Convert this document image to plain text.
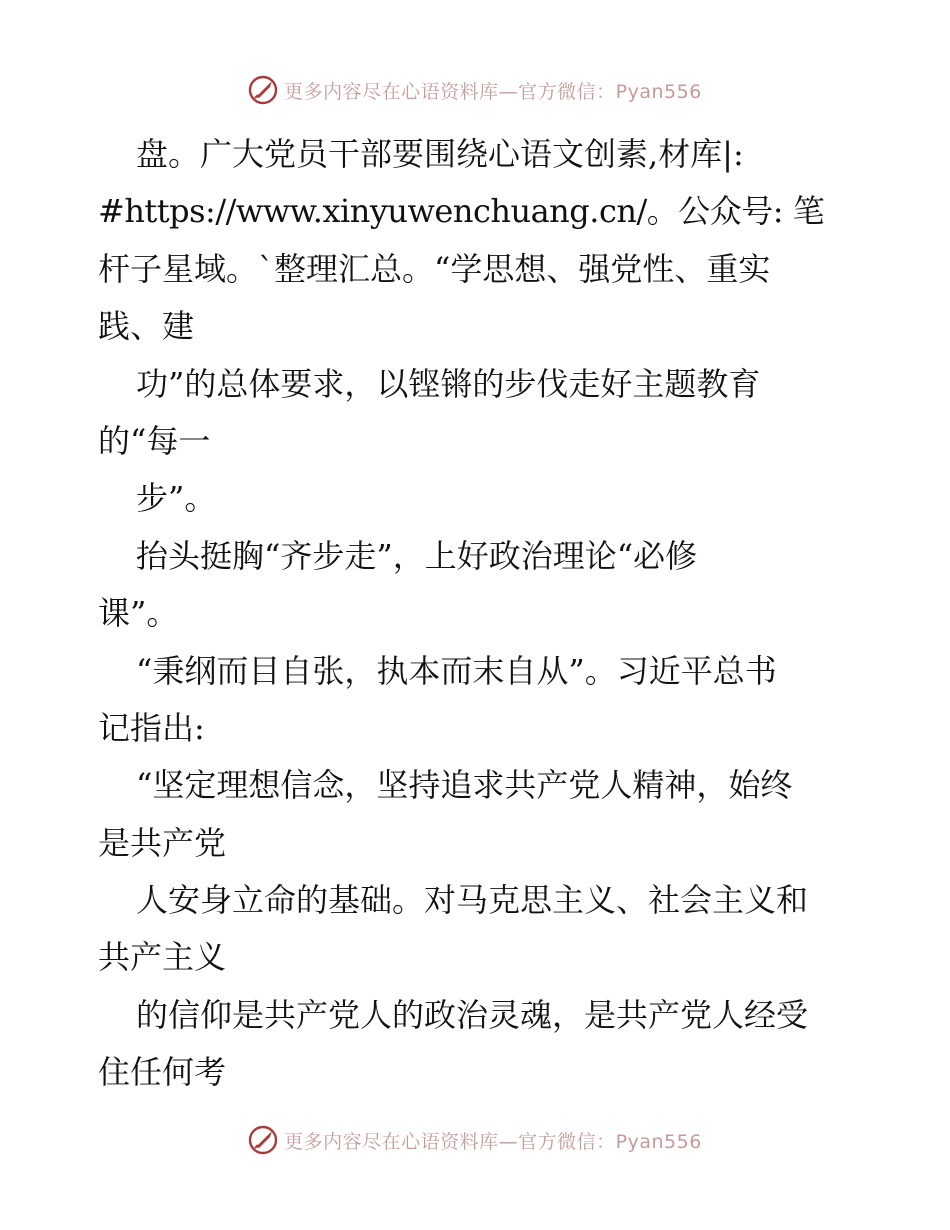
更多内容尽在心语资料库—官方微信：Pyan556
盘。广大党员干部要围绕心语文创素,材库|:
#https://www.xinyuwenchuang.cn/。公众号: 笔
杆子星域。`整理汇总。“学思想、强党性、重实
践、建
功”的总体要求，以铿锵的步伐走好主题教育
的“每一
步”。
抬头挺胸“齐步走”，上好政治理论“必修
课”。
“秉纲而目自张，执本而末自从”。习近平总书
记指出:
“坚定理想信念，坚持追求共产党人精神，始终
是共产党
人安身立命的基础。对马克思主义、社会主义和
共产主义
的信仰是共产党人的政治灵魂，是共产党人经受
住任何考
更多内容尽在心语资料库—官方微信：Pyan556
